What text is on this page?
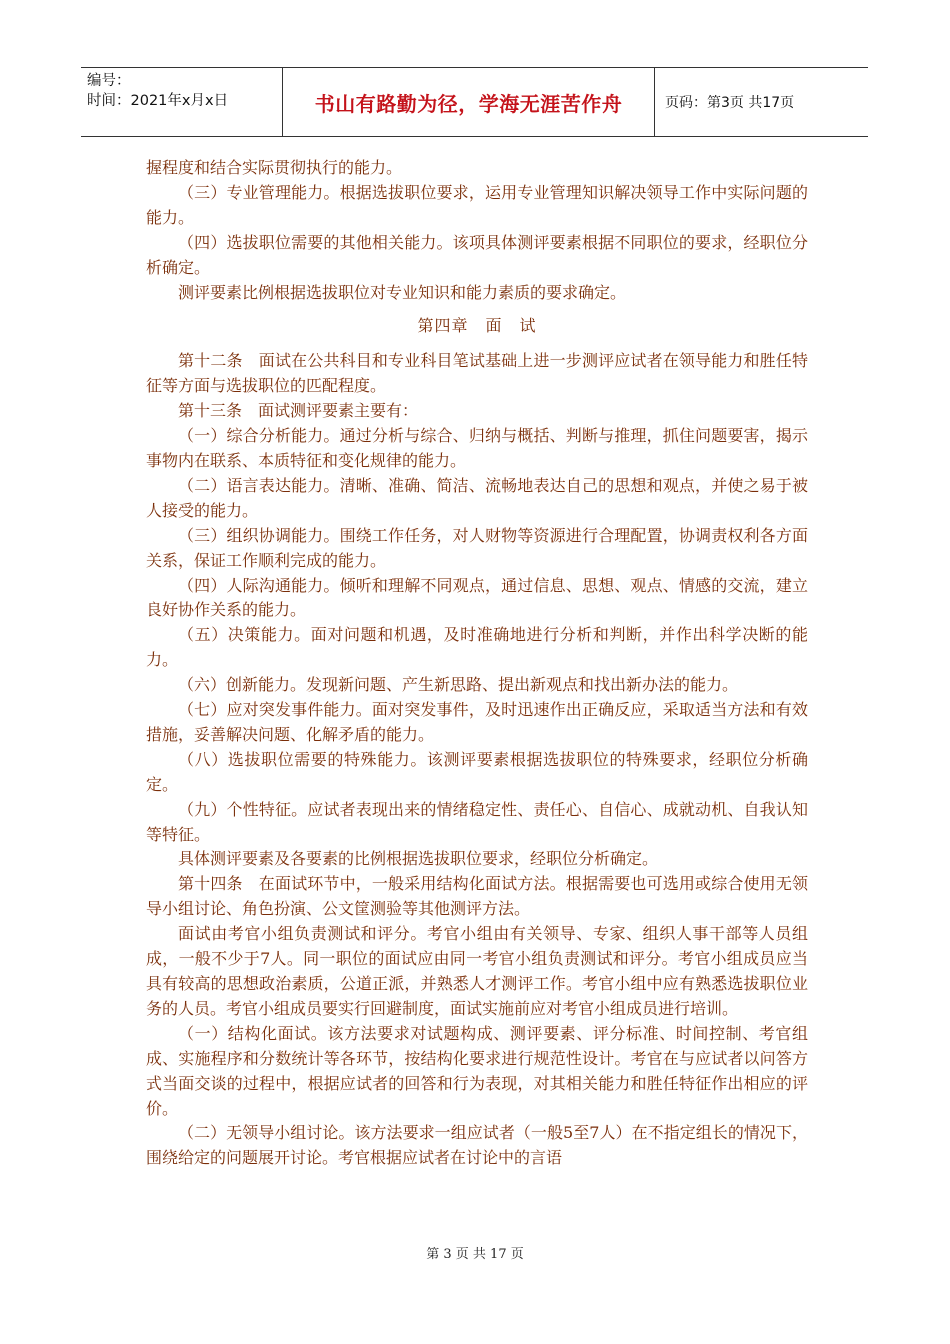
编号：
时间：2021年x月x日	书山有路勤为径，学海无涯苦作舟	页码：第3页 共17页

握程度和结合实际贯彻执行的能力。

（三）专业管理能力。根据选拔职位要求，运用专业管理知识解决领导工作中实际问题的能力。

（四）选拔职位需要的其他相关能力。该项具体测评要素根据不同职位的要求，经职位分析确定。

测评要素比例根据选拔职位对专业知识和能力素质的要求确定。

第四章　面　试

第十二条　面试在公共科目和专业科目笔试基础上进一步测评应试者在领导能力和胜任特征等方面与选拔职位的匹配程度。

第十三条　面试测评要素主要有：

（一）综合分析能力。通过分析与综合、归纳与概括、判断与推理，抓住问题要害，揭示事物内在联系、本质特征和变化规律的能力。

（二）语言表达能力。清晰、准确、简洁、流畅地表达自己的思想和观点，并使之易于被人接受的能力。

（三）组织协调能力。围绕工作任务，对人财物等资源进行合理配置，协调责权利各方面关系，保证工作顺利完成的能力。

（四）人际沟通能力。倾听和理解不同观点，通过信息、思想、观点、情感的交流，建立良好协作关系的能力。

（五）决策能力。面对问题和机遇，及时准确地进行分析和判断，并作出科学决断的能力。

（六）创新能力。发现新问题、产生新思路、提出新观点和找出新办法的能力。

（七）应对突发事件能力。面对突发事件，及时迅速作出正确反应，采取适当方法和有效措施，妥善解决问题、化解矛盾的能力。

（八）选拔职位需要的特殊能力。该测评要素根据选拔职位的特殊要求，经职位分析确定。

（九）个性特征。应试者表现出来的情绪稳定性、责任心、自信心、成就动机、自我认知等特征。

具体测评要素及各要素的比例根据选拔职位要求，经职位分析确定。

第十四条　在面试环节中，一般采用结构化面试方法。根据需要也可选用或综合使用无领导小组讨论、角色扮演、公文筐测验等其他测评方法。

面试由考官小组负责测试和评分。考官小组由有关领导、专家、组织人事干部等人员组成，一般不少于7人。同一职位的面试应由同一考官小组负责测试和评分。考官小组成员应当具有较高的思想政治素质，公道正派，并熟悉人才测评工作。考官小组中应有熟悉选拔职位业务的人员。考官小组成员要实行回避制度，面试实施前应对考官小组成员进行培训。

（一）结构化面试。该方法要求对试题构成、测评要素、评分标准、时间控制、考官组成、实施程序和分数统计等各环节，按结构化要求进行规范性设计。考官在与应试者以问答方式当面交谈的过程中，根据应试者的回答和行为表现，对其相关能力和胜任特征作出相应的评价。

（二）无领导小组讨论。该方法要求一组应试者（一般5至7人）在不指定组长的情况下，围绕给定的问题展开讨论。考官根据应试者在讨论中的言语

第 3 页 共 17 页
